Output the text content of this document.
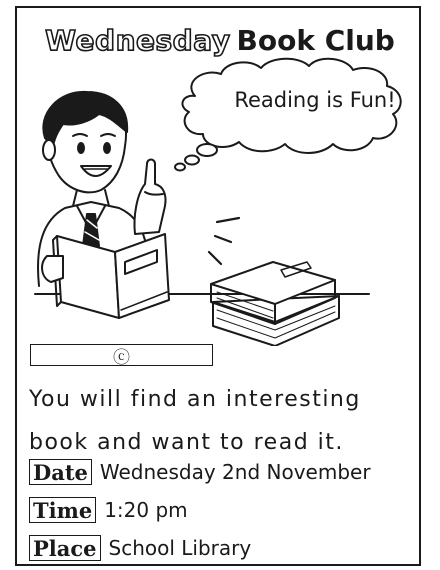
Wednesday Book Club
Reading is Fun!
ⓒ
You will find an interesting
book and want to read it.
Date Wednesday 2nd November
Time 1:20 pm
Place School Library
